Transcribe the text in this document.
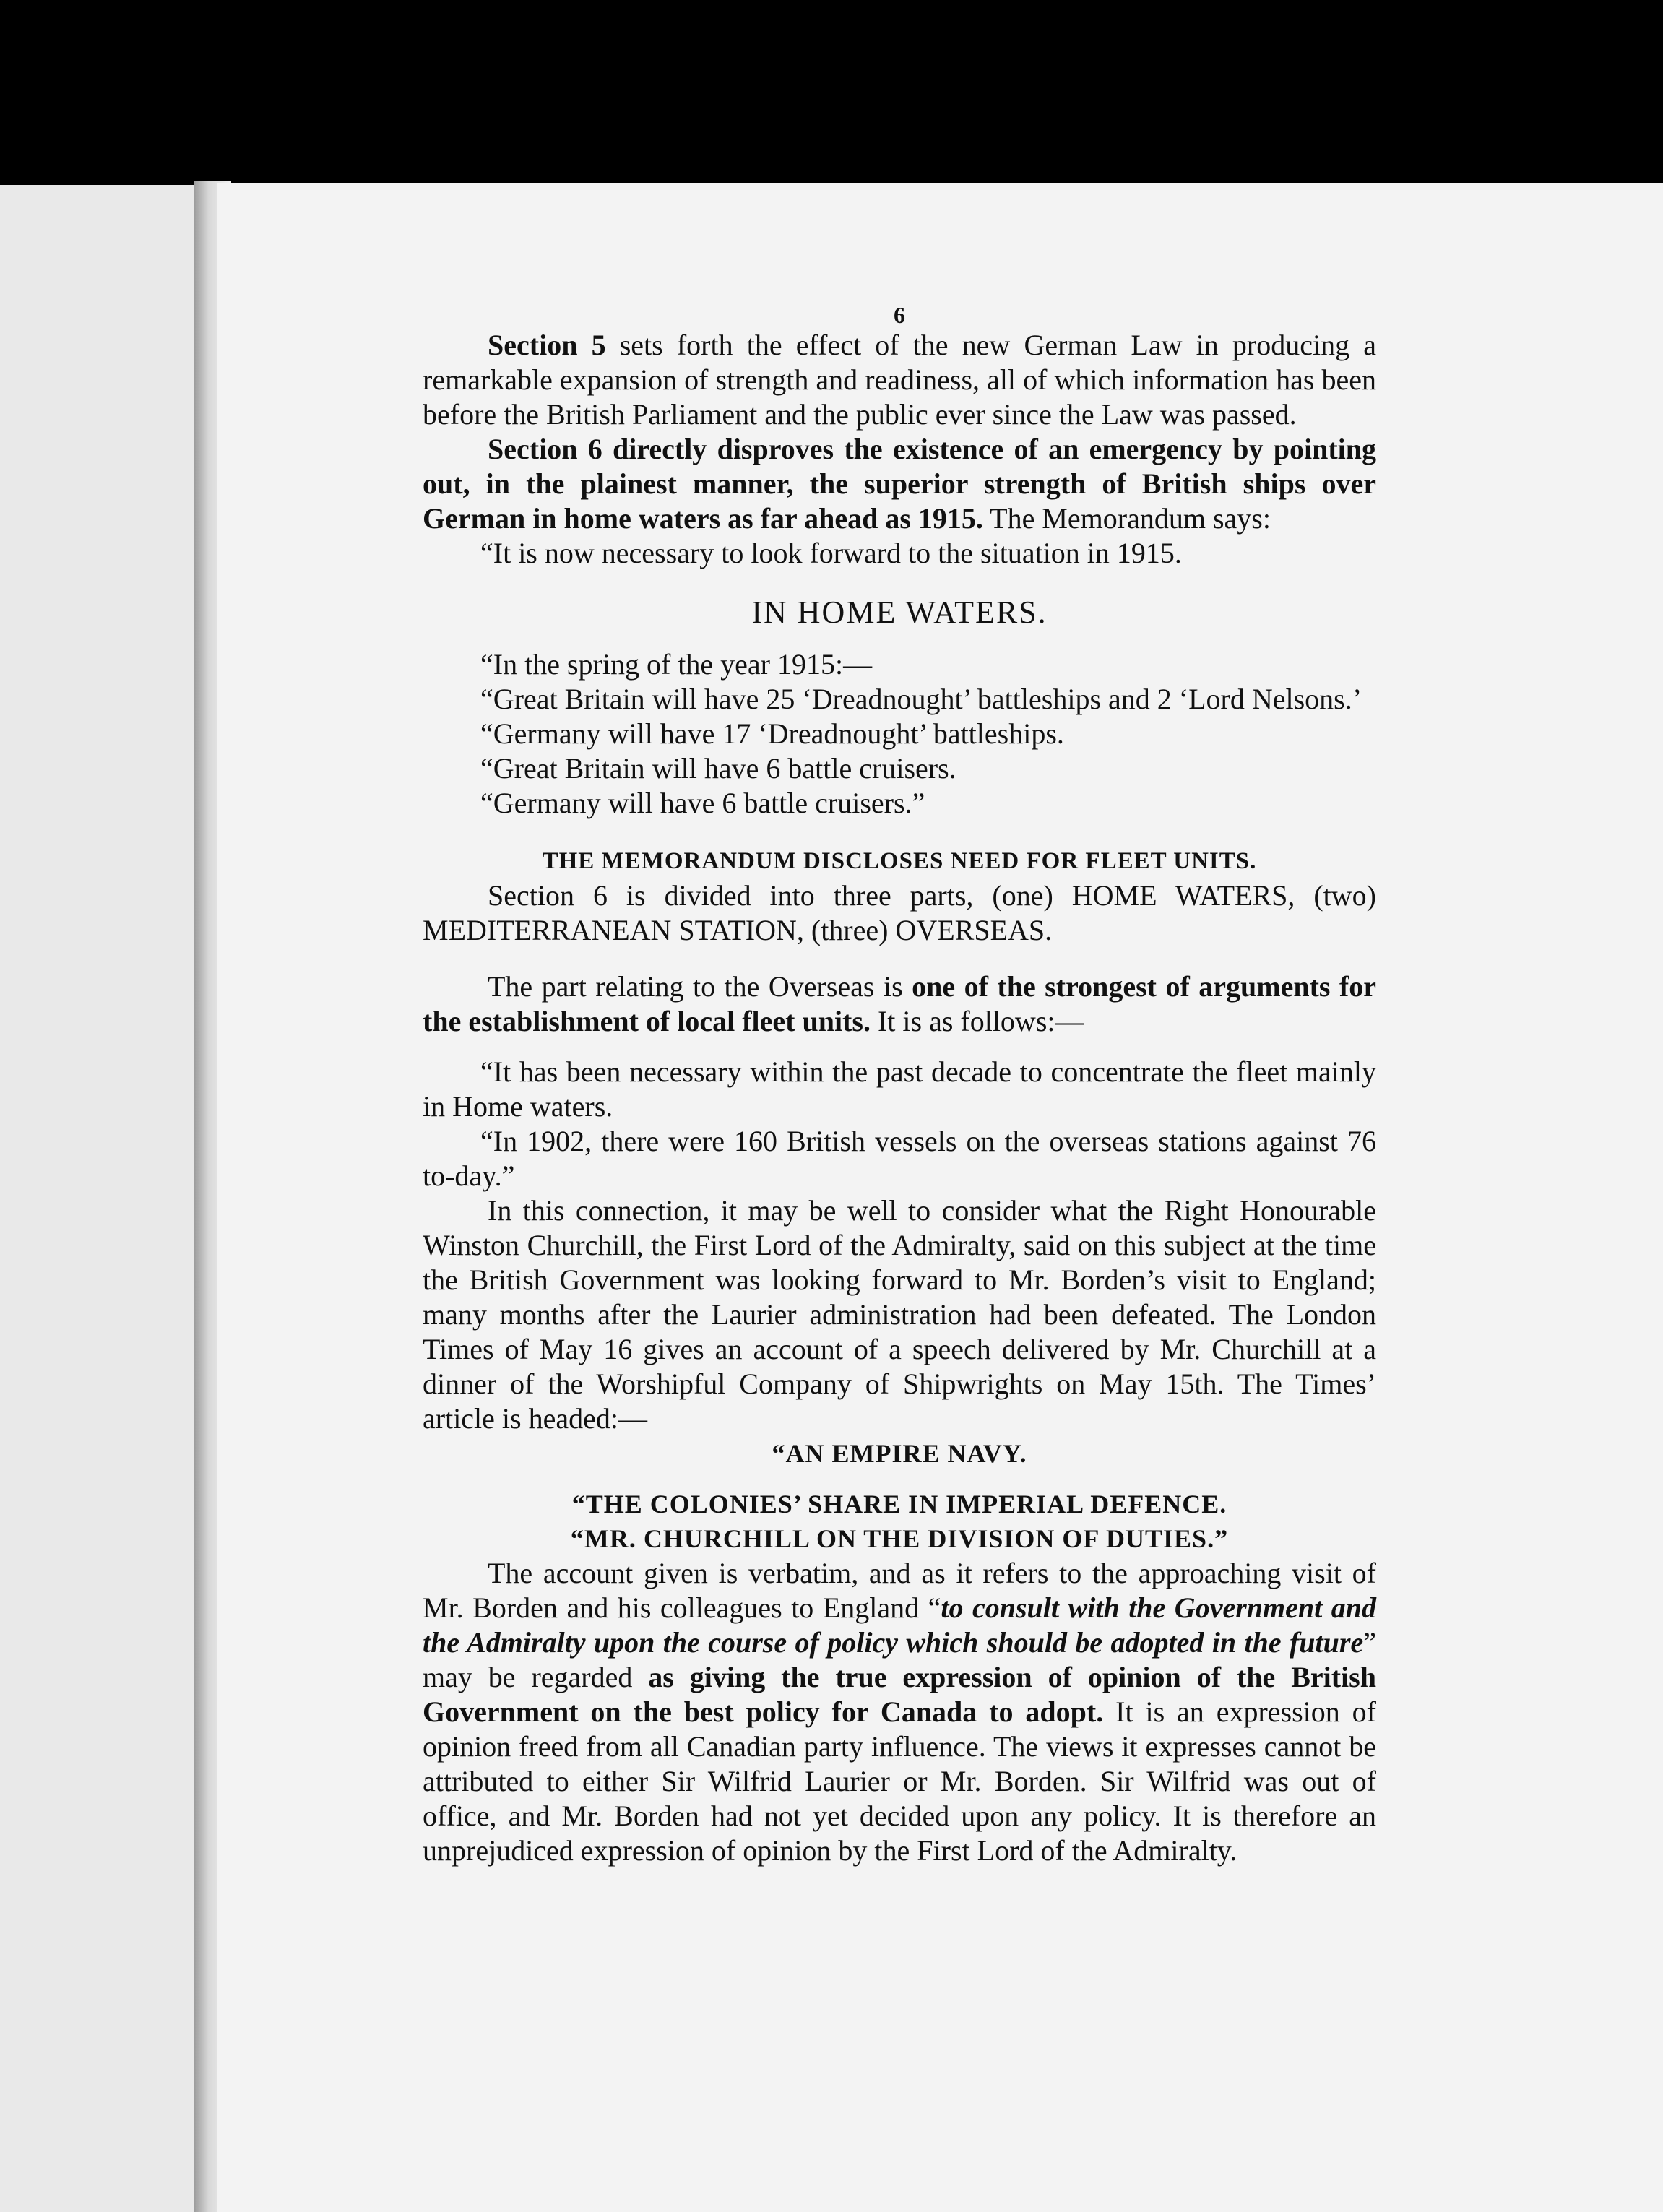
6

Section 5 sets forth the effect of the new German Law in producing a remarkable expansion of strength and readiness, all of which information has been before the British Parliament and the public ever since the Law was passed.

Section 6 directly disproves the existence of an emergency by pointing out, in the plainest manner, the superior strength of British ships over German in home waters as far ahead as 1915. The Memorandum says:

“It is now necessary to look forward to the situation in 1915.

IN HOME WATERS.

“In the spring of the year 1915:—

“Great Britain will have 25 ‘Dreadnought’ battleships and 2 ‘Lord Nelsons.’

“Germany will have 17 ‘Dreadnought’ battleships.

“Great Britain will have 6 battle cruisers.

“Germany will have 6 battle cruisers.”

THE MEMORANDUM DISCLOSES NEED FOR FLEET UNITS.

Section 6 is divided into three parts, (one) HOME WATERS, (two) MEDITERRANEAN STATION, (three) OVERSEAS.

The part relating to the Overseas is one of the strongest of arguments for the establishment of local fleet units. It is as follows:—

“It has been necessary within the past decade to concentrate the fleet mainly in Home waters.

“In 1902, there were 160 British vessels on the overseas stations against 76 to-day.”

In this connection, it may be well to consider what the Right Honourable Winston Churchill, the First Lord of the Admiralty, said on this subject at the time the British Government was looking forward to Mr. Borden’s visit to England; many months after the Laurier administration had been defeated. The London Times of May 16 gives an account of a speech delivered by Mr. Churchill at a dinner of the Worshipful Company of Shipwrights on May 15th. The Times’ article is headed:—

“AN EMPIRE NAVY.

“THE COLONIES’ SHARE IN IMPERIAL DEFENCE.

“MR. CHURCHILL ON THE DIVISION OF DUTIES.”

The account given is verbatim, and as it refers to the approaching visit of Mr. Borden and his colleagues to England “to consult with the Government and the Admiralty upon the course of policy which should be adopted in the future” may be regarded as giving the true expression of opinion of the British Government on the best policy for Canada to adopt. It is an expression of opinion freed from all Canadian party influence. The views it expresses cannot be attributed to either Sir Wilfrid Laurier or Mr. Borden. Sir Wilfrid was out of office, and Mr. Borden had not yet decided upon any policy. It is therefore an unprejudiced expression of opinion by the First Lord of the Admiralty.
